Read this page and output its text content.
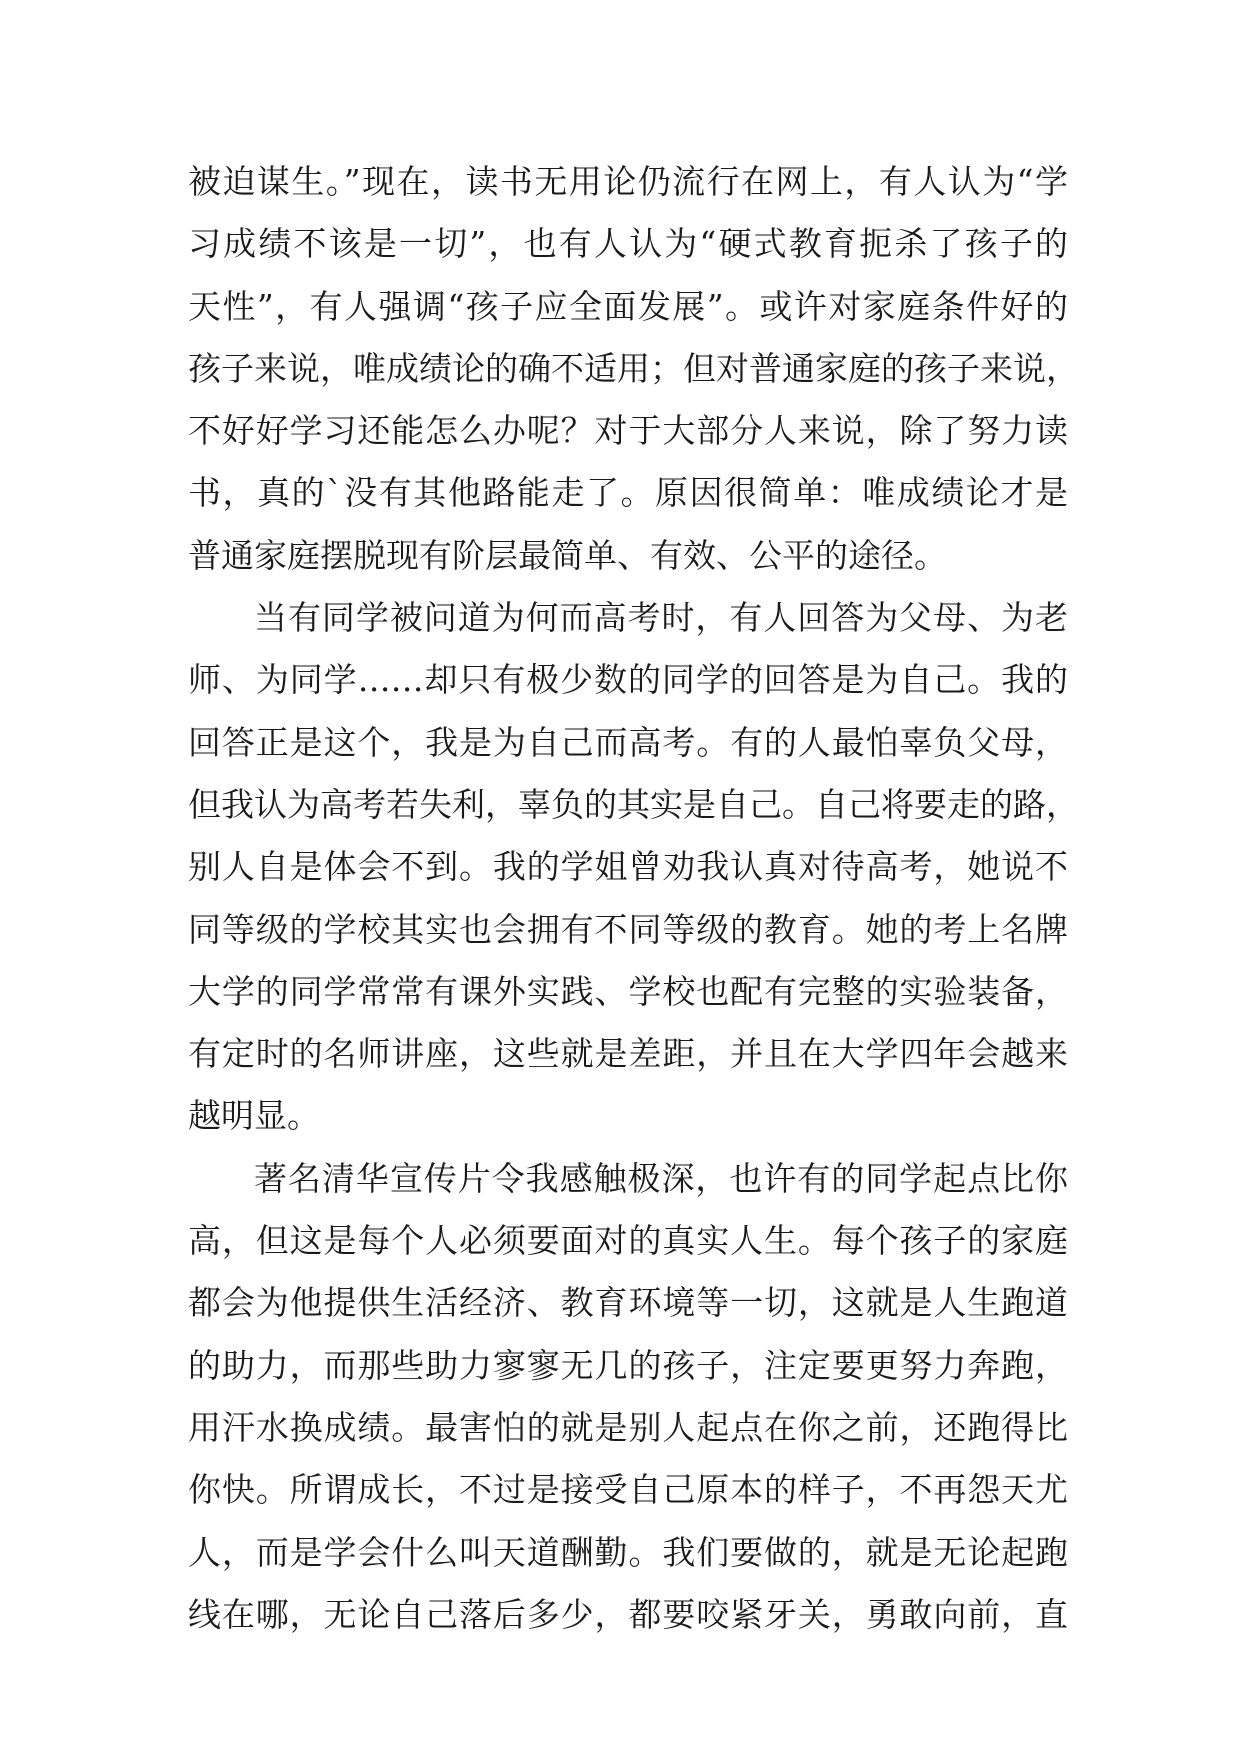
被迫谋生。”现在，读书无用论仍流行在网上，有人认为“学
习成绩不该是一切”，也有人认为“硬式教育扼杀了孩子的
天性”，有人强调“孩子应全面发展”。或许对家庭条件好的
孩子来说，唯成绩论的确不适用；但对普通家庭的孩子来说，
不好好学习还能怎么办呢？对于大部分人来说，除了努力读
书，真的`没有其他路能走了。原因很简单：唯成绩论才是
普通家庭摆脱现有阶层最简单、有效、公平的途径。
当有同学被问道为何而高考时，有人回答为父母、为老
师、为同学……却只有极少数的同学的回答是为自己。我的
回答正是这个，我是为自己而高考。有的人最怕辜负父母，
但我认为高考若失利，辜负的其实是自己。自己将要走的路，
别人自是体会不到。我的学姐曾劝我认真对待高考，她说不
同等级的学校其实也会拥有不同等级的教育。她的考上名牌
大学的同学常常有课外实践、学校也配有完整的实验装备，
有定时的名师讲座，这些就是差距，并且在大学四年会越来
越明显。
著名清华宣传片令我感触极深，也许有的同学起点比你
高，但这是每个人必须要面对的真实人生。每个孩子的家庭
都会为他提供生活经济、教育环境等一切，这就是人生跑道
的助力，而那些助力寥寥无几的孩子，注定要更努力奔跑，
用汗水换成绩。最害怕的就是别人起点在你之前，还跑得比
你快。所谓成长，不过是接受自己原本的样子，不再怨天尤
人，而是学会什么叫天道酬勤。我们要做的，就是无论起跑
线在哪，无论自己落后多少，都要咬紧牙关，勇敢向前，直
